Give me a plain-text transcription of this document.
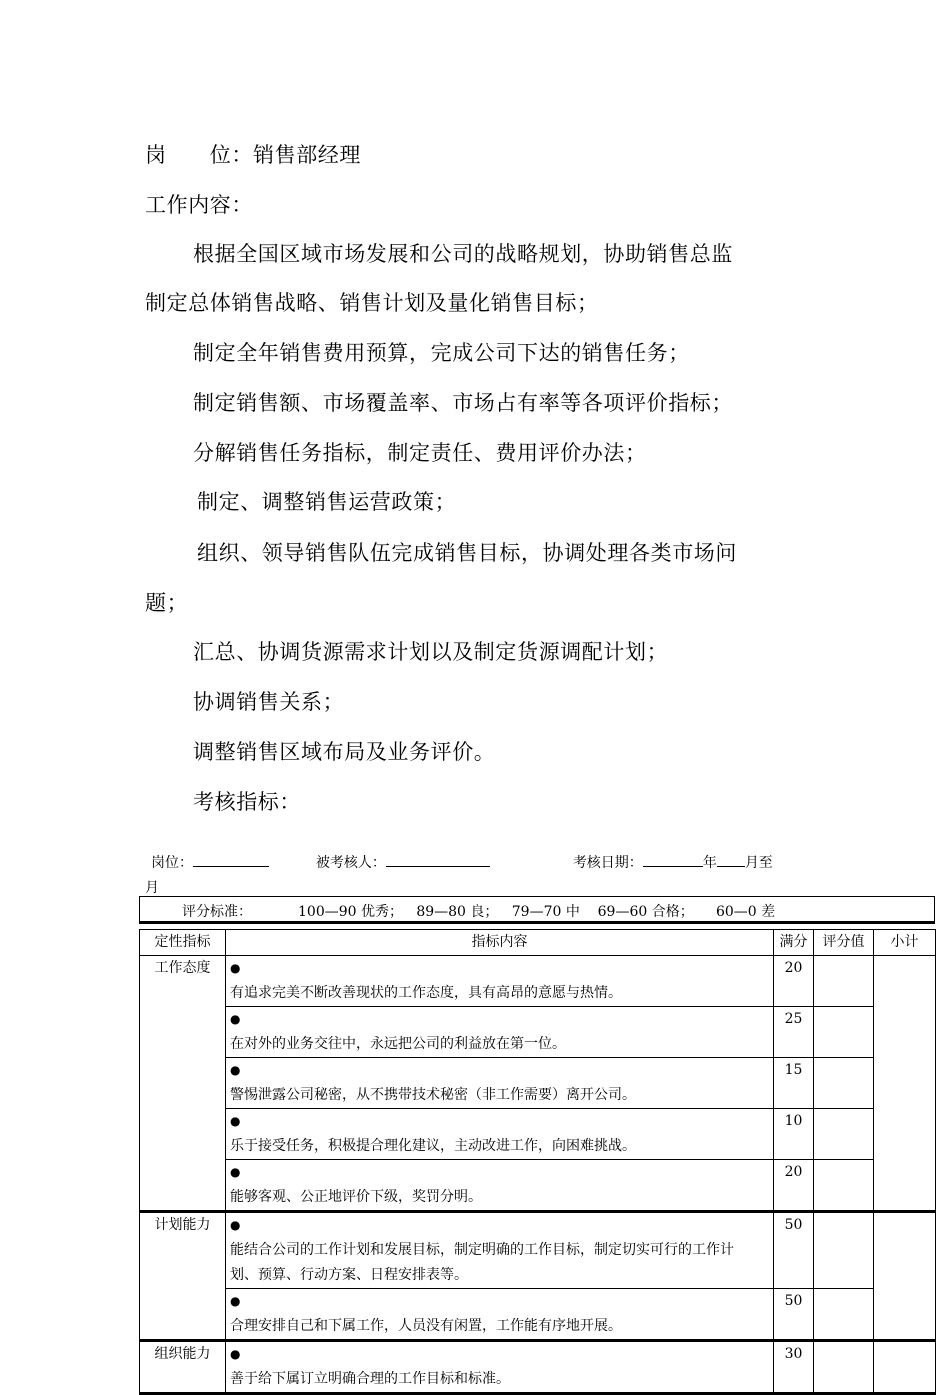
岗　　位：销售部经理
工作内容：
根据全国区域市场发展和公司的战略规划，协助销售总监
制定总体销售战略、销售计划及量化销售目标；
制定全年销售费用预算，完成公司下达的销售任务；
制定销售额、市场覆盖率、市场占有率等各项评价指标；
分解销售任务指标，制定责任、费用评价办法；
制定、调整销售运营政策；
组织、领导销售队伍完成销售目标，协调处理各类市场问
题；
汇总、协调货源需求计划以及制定货源调配计划；
协调销售关系；
调整销售区域布局及业务评价。
考核指标：
岗位：	被考核人：	考核日期：	年 月至
月
评分标准：	100—90 优秀；   89—80 良；   79—70 中    69—60 合格；     60—0 差
定性指标	指标内容	满分	评分值	小计
工作态度	●有追求完美不断改善现状的工作态度，具有高昂的意愿与热情。	20		
	●在对外的业务交往中，永远把公司的利益放在第一位。	25		
	●警惕泄露公司秘密，从不携带技术秘密（非工作需要）离开公司。	15		
	●乐于接受任务，积极提合理化建议，主动改进工作，向困难挑战。	10		
	●能够客观、公正地评价下级，奖罚分明。	20		
计划能力	●能结合公司的工作计划和发展目标，制定明确的工作目标，制定切实可行的工作计划、预算、行动方案、日程安排表等。	50		
	●合理安排自己和下属工作，人员没有闲置，工作能有序地开展。	50		
组织能力	●善于给下属订立明确合理的工作目标和标准。	30		
